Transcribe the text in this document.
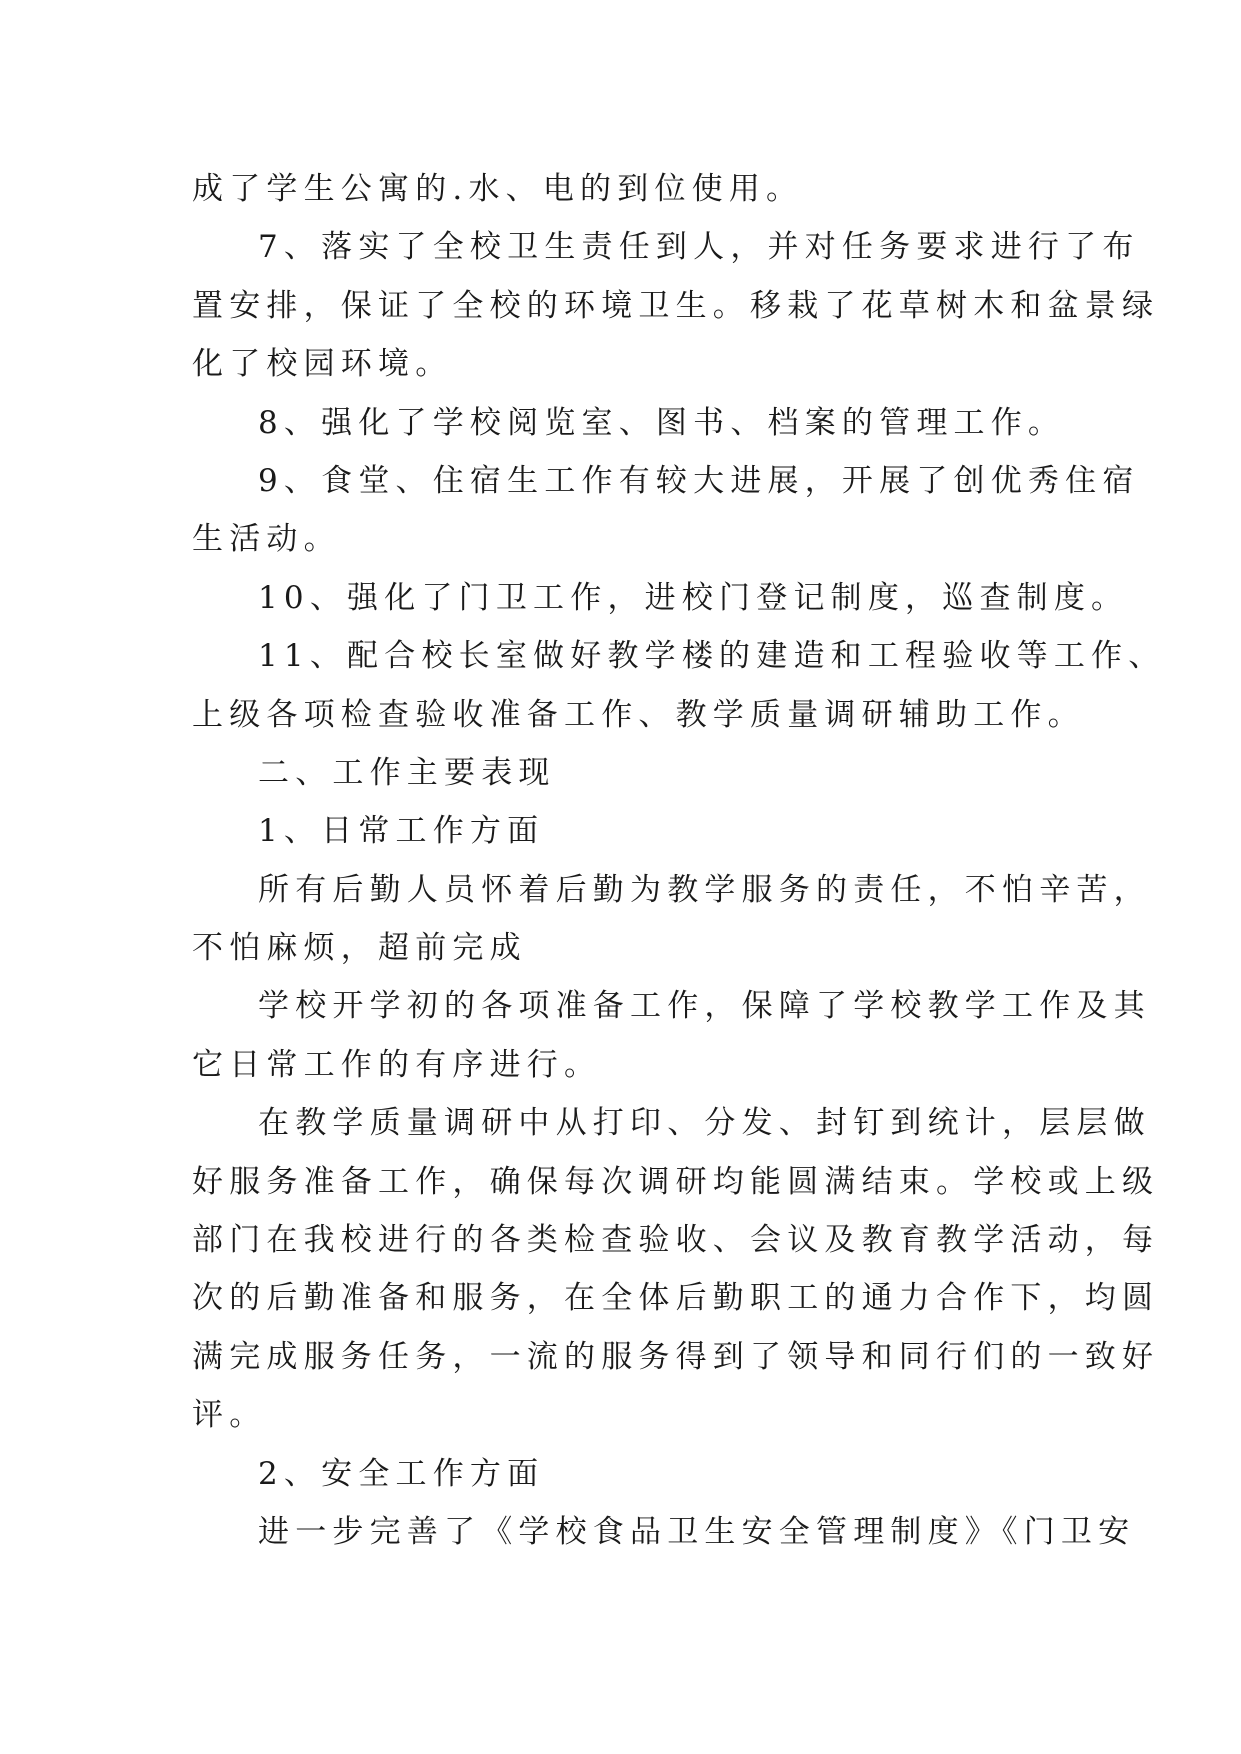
成了学生公寓的.水、电的到位使用。
7、落实了全校卫生责任到人，并对任务要求进行了布
置安排，保证了全校的环境卫生。移栽了花草树木和盆景绿
化了校园环境。
8、强化了学校阅览室、图书、档案的管理工作。
9、食堂、住宿生工作有较大进展，开展了创优秀住宿
生活动。
10、强化了门卫工作，进校门登记制度，巡查制度。
11、配合校长室做好教学楼的建造和工程验收等工作、
上级各项检查验收准备工作、教学质量调研辅助工作。
二、工作主要表现
1、日常工作方面
所有后勤人员怀着后勤为教学服务的责任，不怕辛苦，
不怕麻烦，超前完成
学校开学初的各项准备工作，保障了学校教学工作及其
它日常工作的有序进行。
在教学质量调研中从打印、分发、封钉到统计，层层做
好服务准备工作，确保每次调研均能圆满结束。学校或上级
部门在我校进行的各类检查验收、会议及教育教学活动，每
次的后勤准备和服务，在全体后勤职工的通力合作下，均圆
满完成服务任务，一流的服务得到了领导和同行们的一致好
评。
2、安全工作方面
进一步完善了《学校食品卫生安全管理制度》《门卫安
